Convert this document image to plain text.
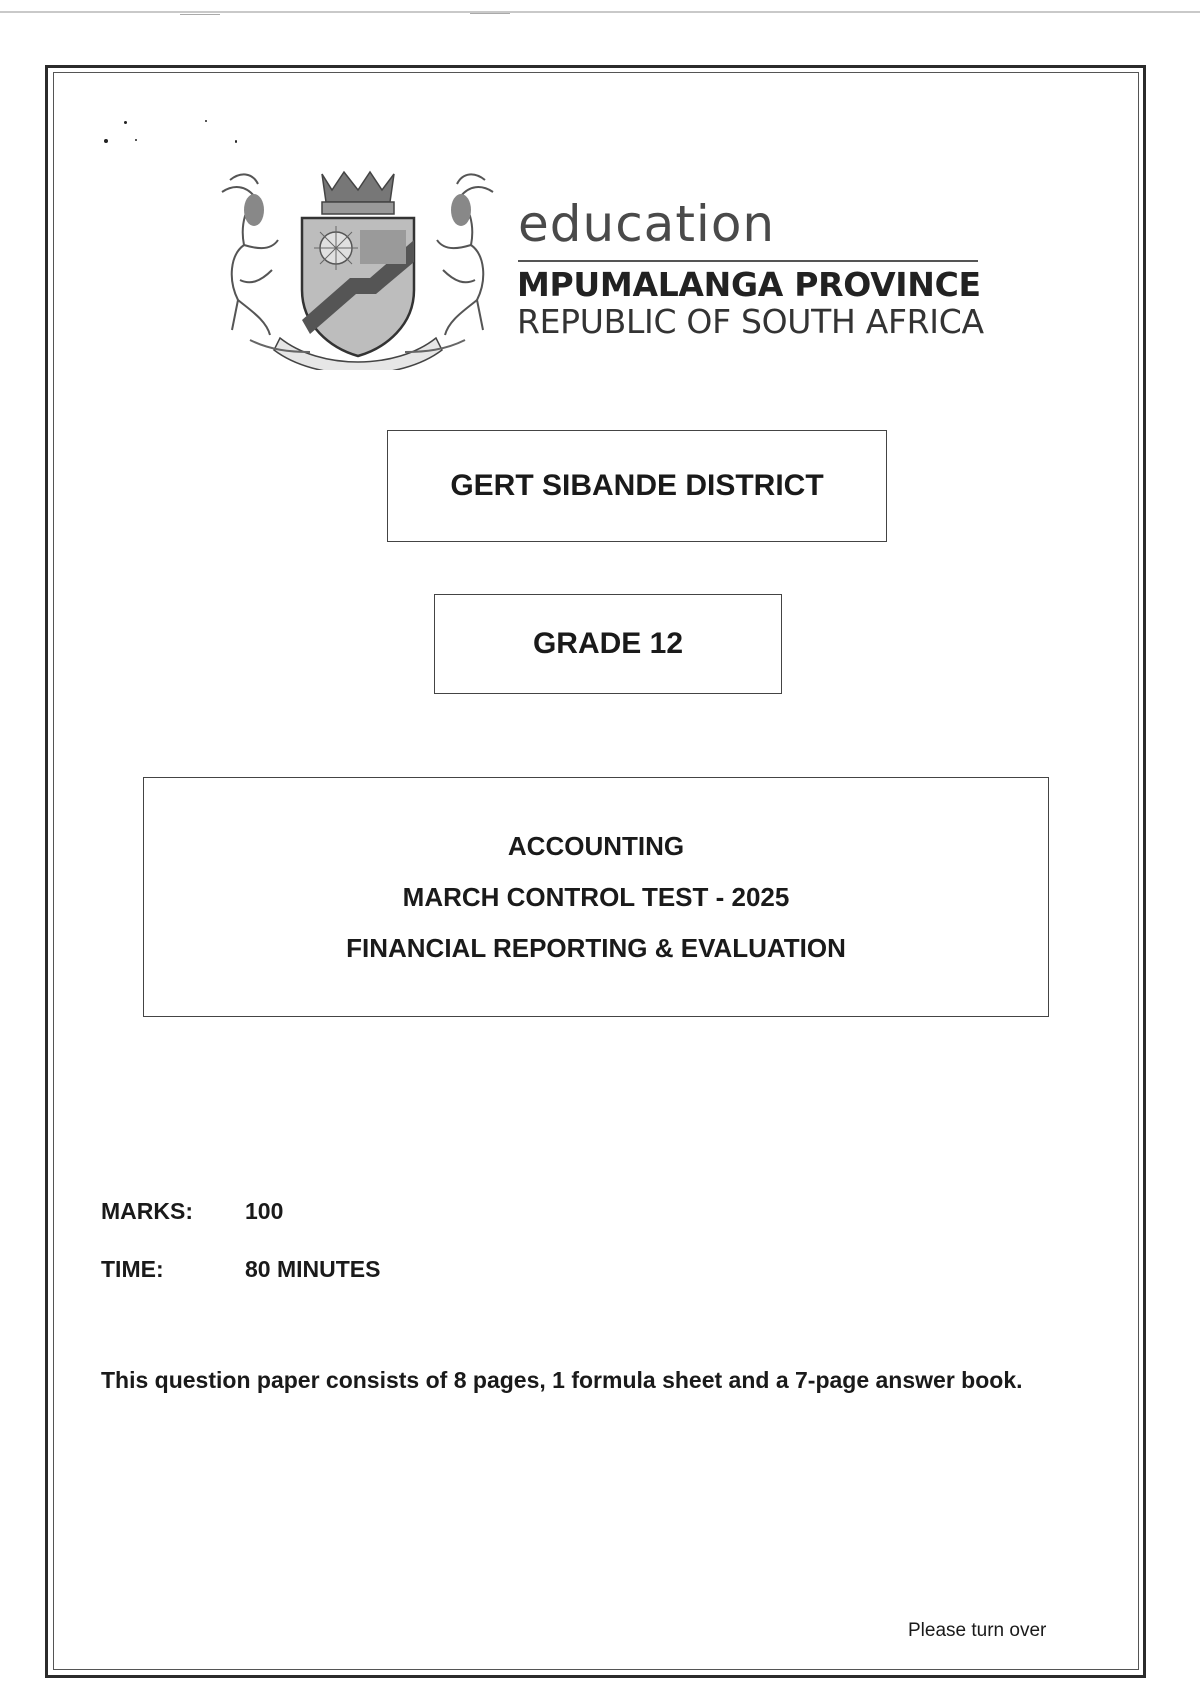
education
MPUMALANGA PROVINCE
REPUBLIC OF SOUTH AFRICA
GERT SIBANDE DISTRICT
GRADE 12
ACCOUNTING
MARCH CONTROL TEST - 2025
FINANCIAL REPORTING & EVALUATION
MARKS: 100
TIME:	80 MINUTES
This question paper consists of 8 pages, 1 formula sheet and a 7-page answer book.
Please turn over
